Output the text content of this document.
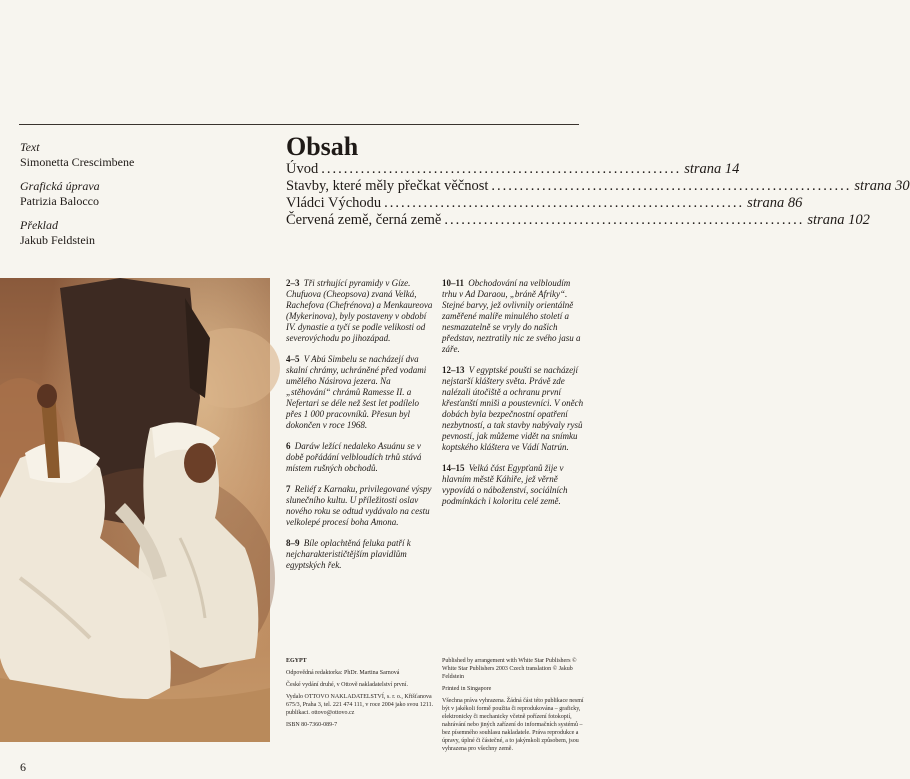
Text
Simonetta Crescimbene
Grafická úprava
Patrizia Balocco
Překlad
Jakub Feldstein
Obsah
Úvod ................................................................ strana 14
Stavby, které měly přečkat věčnost ................................................................ strana 30
Vládci Východu ................................................................ strana 86
Červená země, černá země ................................................................ strana 102
2–3 Tři strhující pyramidy v Gíze. Chufuova (Cheopsova) zvaná Velká, Rachefova (Chefrénova) a Menkaureova (Mykerinova), byly postaveny v období IV. dynastie a tyčí se podle velikosti od severovýchodu po jihozápad.
4–5 V Abú Simbelu se nacházejí dva skalní chrámy, uchráněné před vodami umělého Násirova jezera. Na „stěhování“ chrámů Ramesse II. a Nefertari se déle než šest let podílelo přes 1 000 pracovníků. Přesun byl dokončen v roce 1968.
6 Daráw ležící nedaleko Asuánu se v době pořádání velbloudích trhů stává místem rušných obchodů.
7 Reliéf z Karnaku, privilegované výspy slunečního kultu. U příležitosti oslav nového roku se odtud vydávalo na cestu velkolepé procesí boha Amona.
8–9 Bíle oplachtěná feluka patří k nejcharakterističtějším plavidlům egyptských řek.
10–11 Obchodování na velbloudím trhu v Ad Daraou, „bráně Afriky“. Stejné barvy, jež ovlivnily orientálně zaměřené malíře minulého století a nesmazatelně se vryly do našich představ, neztratily nic ze svého jasu a záře.
12–13 V egyptské poušti se nacházejí nejstarší kláštery světa. Právě zde nalézali útočiště a ochranu první křesťanští mniši a poustevníci. V oněch dobách byla bezpečnostní opatření nezbytností, a tak stavby nabývaly rysů pevností, jak můžeme vidět na snímku koptského kláštera ve Vádí Natrún.
14–15 Velká část Egypťanů žije v hlavním městě Káhiře, jež věrně vypovídá o náboženství, sociálních podmínkách i koloritu celé země.

EGYPT

Odpovědná redaktorka: PhDr. Martina Sarnová

České vydání druhé, v Ottově nakladatelství první.

Vydalo OTTOVO NAKLADATELSTVÍ, s. r. o., Křišťanova 675/3, Praha 3, tel. 221 474 111, v roce 2004 jako svou 1211. publikaci. ottovo@ottovo.cz

ISBN 80-7360-089-7

Published by arrangement with White Star Publishers © White Star Publishers 2003 Czech translation © Jakub Feldstein

Printed in Singapore

Všechna práva vyhrazena. Žádná část této publikace nesmí být v jakékoli formě použita či reprodukována – graficky, elektronicky či mechanicky včetně pořízení fotokopií, nahrávání nebo jiných zařízení do informačních systémů – bez písemného souhlasu nakladatele. Práva reprodukce a úpravy, úplné či částečné, a to jakýmkoli způsobem, jsou vyhrazena pro všechny země.

6
